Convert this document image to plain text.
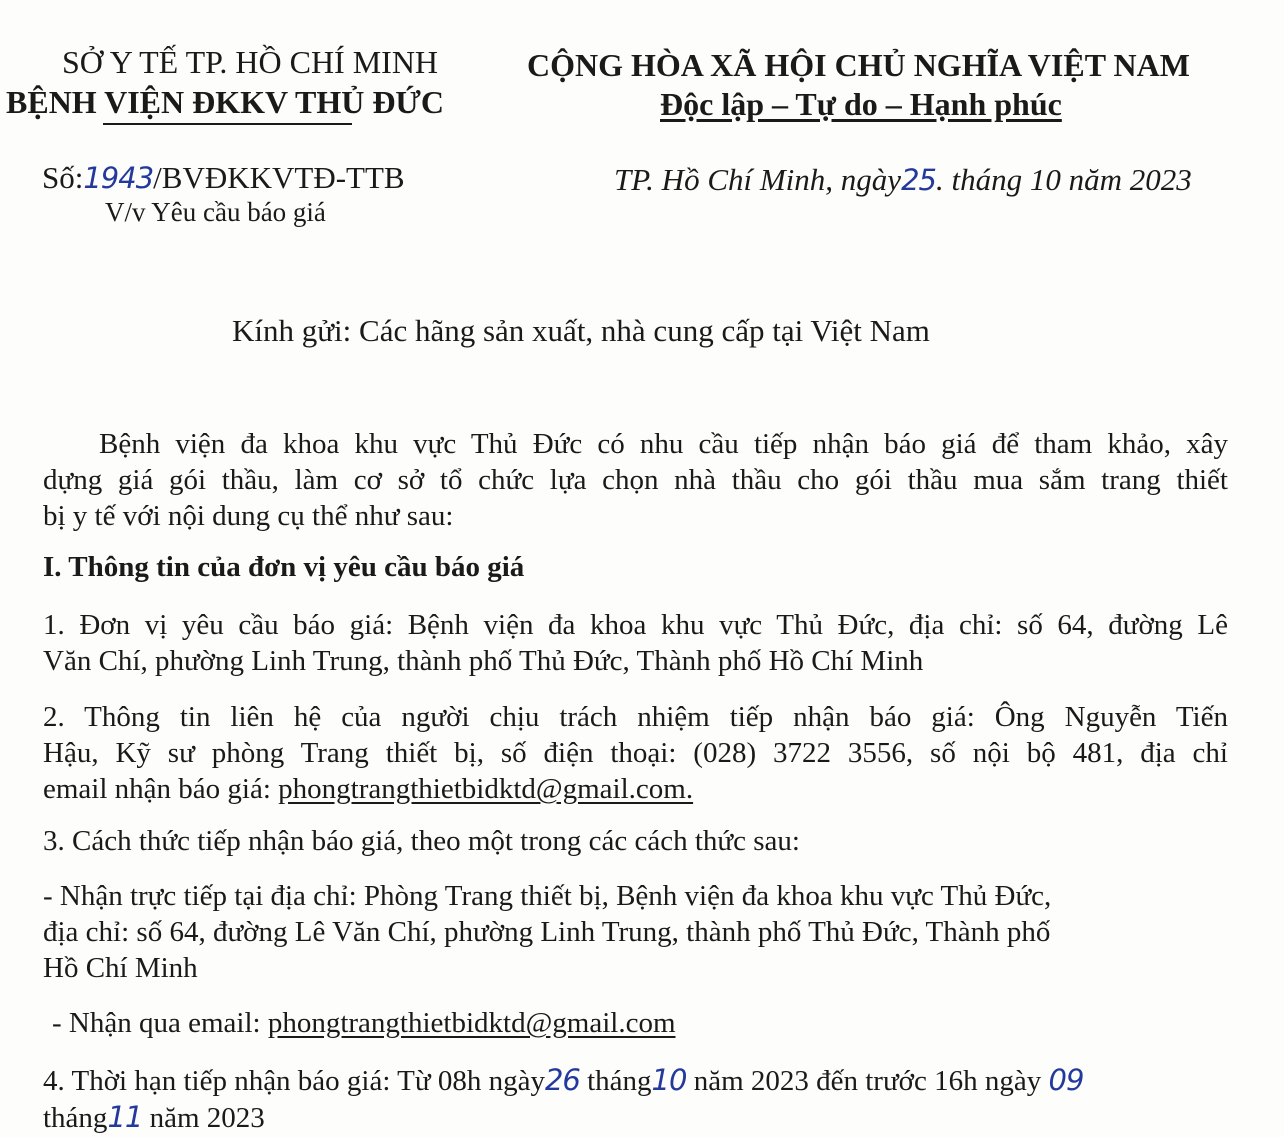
SỞ Y TẾ TP. HỒ CHÍ MINH
BỆNH VIỆN ĐKKV THỦ ĐỨC
CỘNG HÒA XÃ HỘI CHỦ NGHĨA VIỆT NAM
Độc lập – Tự do – Hạnh phúc
Số:1943/BVĐKKVTĐ-TTB
V/v Yêu cầu báo giá
TP. Hồ Chí Minh, ngày25. tháng 10 năm 2023
Kính gửi: Các hãng sản xuất, nhà cung cấp tại Việt Nam
Bệnh viện đa khoa khu vực Thủ Đức có nhu cầu tiếp nhận báo giá để tham khảo, xây
dựng giá gói thầu, làm cơ sở tổ chức lựa chọn nhà thầu cho gói thầu mua sắm trang thiết
bị y tế với nội dung cụ thể như sau:
I. Thông tin của đơn vị yêu cầu báo giá
1. Đơn vị yêu cầu báo giá: Bệnh viện đa khoa khu vực Thủ Đức, địa chỉ: số 64, đường Lê
Văn Chí, phường Linh Trung, thành phố Thủ Đức, Thành phố Hồ Chí Minh
2. Thông tin liên hệ của người chịu trách nhiệm tiếp nhận báo giá: Ông Nguyễn Tiến
Hậu, Kỹ sư phòng Trang thiết bị, số điện thoại: (028) 3722 3556, số nội bộ 481, địa chỉ
email nhận báo giá: phongtrangthietbidktd@gmail.com.
3. Cách thức tiếp nhận báo giá, theo một trong các cách thức sau:
- Nhận trực tiếp tại địa chỉ: Phòng Trang thiết bị, Bệnh viện đa khoa khu vực Thủ Đức,
địa chỉ: số 64, đường Lê Văn Chí, phường Linh Trung, thành phố Thủ Đức, Thành phố
Hồ Chí Minh
- Nhận qua email: phongtrangthietbidktd@gmail.com
4. Thời hạn tiếp nhận báo giá: Từ 08h ngày26 tháng10 năm 2023 đến trước 16h ngày 09
tháng11 năm 2023
